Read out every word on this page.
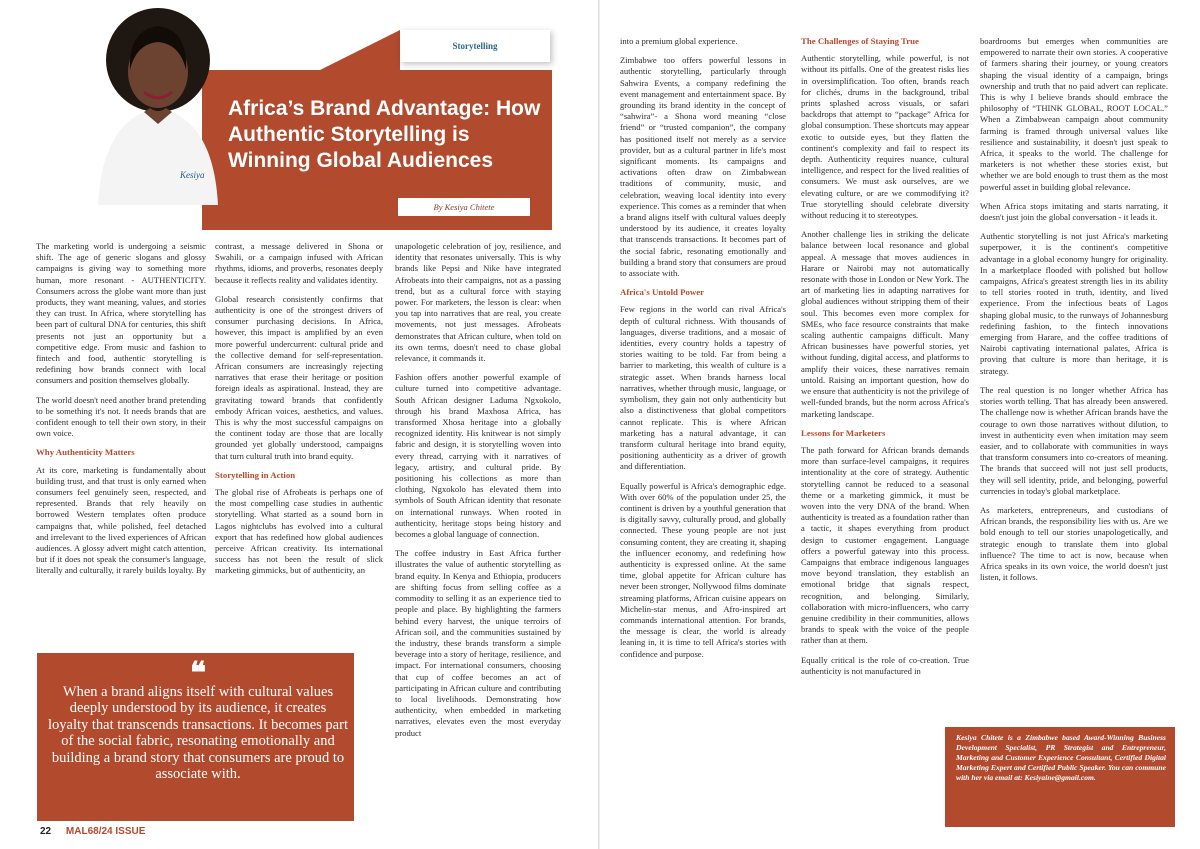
Storytelling
Kesiya
Africa’s Brand Advantage: How Authentic Storytelling is Winning Global Audiences
By Kesiya Chitete

The marketing world is undergoing a seismic shift. The age of generic slogans and glossy campaigns is giving way to something more human, more resonant - AUTHENTICITY. Consumers across the globe want more than just products, they want meaning, values, and stories they can trust. In Africa, where storytelling has been part of cultural DNA for centuries, this shift presents not just an opportunity but a competitive edge. From music and fashion to fintech and food, authentic storytelling is redefining how brands connect with local consumers and position themselves globally.

The world doesn't need another brand pretending to be something it's not. It needs brands that are confident enough to tell their own story, in their own voice.

Why Authenticity Matters

At its core, marketing is fundamentally about building trust, and that trust is only earned when consumers feel genuinely seen, respected, and represented. Brands that rely heavily on borrowed Western templates often produce campaigns that, while polished, feel detached and irrelevant to the lived experiences of African audiences. A glossy advert might catch attention, but if it does not speak the consumer's language, literally and culturally, it rarely builds loyalty. By

contrast, a message delivered in Shona or Swahili, or a campaign infused with African rhythms, idioms, and proverbs, resonates deeply because it reflects reality and validates identity.

Global research consistently confirms that authenticity is one of the strongest drivers of consumer purchasing decisions. In Africa, however, this impact is amplified by an even more powerful undercurrent: cultural pride and the collective demand for self-representation. African consumers are increasingly rejecting narratives that erase their heritage or position foreign ideals as aspirational. Instead, they are gravitating toward brands that confidently embody African voices, aesthetics, and values. This is why the most successful campaigns on the continent today are those that are locally grounded yet globally understood, campaigns that turn cultural truth into brand equity.

Storytelling in Action

The global rise of Afrobeats is perhaps one of the most compelling case studies in authentic storytelling. What started as a sound born in Lagos nightclubs has evolved into a cultural export that has redefined how global audiences perceive African creativity. Its international success has not been the result of slick marketing gimmicks, but of authenticity, an

unapologetic celebration of joy, resilience, and identity that resonates universally. This is why brands like Pepsi and Nike have integrated Afrobeats into their campaigns, not as a passing trend, but as a cultural force with staying power. For marketers, the lesson is clear: when you tap into narratives that are real, you create movements, not just messages. Afrobeats demonstrates that African culture, when told on its own terms, doesn't need to chase global relevance, it commands it.

Fashion offers another powerful example of culture turned into competitive advantage. South African designer Laduma Ngxokolo, through his brand Maxhosa Africa, has transformed Xhosa heritage into a globally recognized identity. His knitwear is not simply fabric and design, it is storytelling woven into every thread, carrying with it narratives of legacy, artistry, and cultural pride. By positioning his collections as more than clothing, Ngxokolo has elevated them into symbols of South African identity that resonate on international runways. When rooted in authenticity, heritage stops being history and becomes a global language of connection.

The coffee industry in East Africa further illustrates the value of authentic storytelling as brand equity. In Kenya and Ethiopia, producers are shifting focus from selling coffee as a commodity to selling it as an experience tied to people and place. By highlighting the farmers behind every harvest, the unique terroirs of African soil, and the communities sustained by the industry, these brands transform a simple beverage into a story of heritage, resilience, and impact. For international consumers, choosing that cup of coffee becomes an act of participating in African culture and contributing to local livelihoods. Demonstrating how authenticity, when embedded in marketing narratives, elevates even the most everyday product

❝
When a brand aligns itself with cultural values deeply understood by its audience, it creates loyalty that transcends transactions. It becomes part of the social fabric, resonating emotionally and building a brand story that consumers are proud to associate with.

into a premium global experience.

Zimbabwe too offers powerful lessons in authentic storytelling, particularly through Sahwira Events, a company redefining the event management and entertainment space. By grounding its brand identity in the concept of “sahwira”- a Shona word meaning “close friend” or “trusted companion”, the company has positioned itself not merely as a service provider, but as a cultural partner in life's most significant moments. Its campaigns and activations often draw on Zimbabwean traditions of community, music, and celebration, weaving local identity into every experience. This comes as a reminder that when a brand aligns itself with cultural values deeply understood by its audience, it creates loyalty that transcends transactions. It becomes part of the social fabric, resonating emotionally and building a brand story that consumers are proud to associate with.

Africa's Untold Power

Few regions in the world can rival Africa's depth of cultural richness. With thousands of languages, diverse traditions, and a mosaic of identities, every country holds a tapestry of stories waiting to be told. Far from being a barrier to marketing, this wealth of culture is a strategic asset. When brands harness local narratives, whether through music, language, or symbolism, they gain not only authenticity but also a distinctiveness that global competitors cannot replicate. This is where African marketing has a natural advantage, it can transform cultural heritage into brand equity, positioning authenticity as a driver of growth and differentiation.

Equally powerful is Africa's demographic edge. With over 60% of the population under 25, the continent is driven by a youthful generation that is digitally savvy, culturally proud, and globally connected. These young people are not just consuming content, they are creating it, shaping the influencer economy, and redefining how authenticity is expressed online. At the same time, global appetite for African culture has never been stronger, Nollywood films dominate streaming platforms, African cuisine appears on Michelin-star menus, and Afro-inspired art commands international attention. For brands, the message is clear, the world is already leaning in, it is time to tell Africa's stories with confidence and purpose.

The Challenges of Staying True

Authentic storytelling, while powerful, is not without its pitfalls. One of the greatest risks lies in oversimplification. Too often, brands reach for clichés, drums in the background, tribal prints splashed across visuals, or safari backdrops that attempt to “package” Africa for global consumption. These shortcuts may appear exotic to outside eyes, but they flatten the continent's complexity and fail to respect its depth. Authenticity requires nuance, cultural intelligence, and respect for the lived realities of consumers. We must ask ourselves, are we elevating culture, or are we commodifying it? True storytelling should celebrate diversity without reducing it to stereotypes.

Another challenge lies in striking the delicate balance between local resonance and global appeal. A message that moves audiences in Harare or Nairobi may not automatically resonate with those in London or New York. The art of marketing lies in adapting narratives for global audiences without stripping them of their soul. This becomes even more complex for SMEs, who face resource constraints that make scaling authentic campaigns difficult. Many African businesses have powerful stories, yet without funding, digital access, and platforms to amplify their voices, these narratives remain untold. Raising an important question, how do we ensure that authenticity is not the privilege of well-funded brands, but the norm across Africa's marketing landscape.

Lessons for Marketers

The path forward for African brands demands more than surface-level campaigns, it requires intentionality at the core of strategy. Authentic storytelling cannot be reduced to a seasonal theme or a marketing gimmick, it must be woven into the very DNA of the brand. When authenticity is treated as a foundation rather than a tactic, it shapes everything from product design to customer engagement. Language offers a powerful gateway into this process. Campaigns that embrace indigenous languages move beyond translation, they establish an emotional bridge that signals respect, recognition, and belonging. Similarly, collaboration with micro-influencers, who carry genuine credibility in their communities, allows brands to speak with the voice of the people rather than at them.

Equally critical is the role of co-creation. True authenticity is not manufactured in

boardrooms but emerges when communities are empowered to narrate their own stories. A cooperative of farmers sharing their journey, or young creators shaping the visual identity of a campaign, brings ownership and truth that no paid advert can replicate. This is why I believe brands should embrace the philosophy of “THINK GLOBAL, ROOT LOCAL.” When a Zimbabwean campaign about community farming is framed through universal values like resilience and sustainability, it doesn't just speak to Africa, it speaks to the world. The challenge for marketers is not whether these stories exist, but whether we are bold enough to trust them as the most powerful asset in building global relevance.

When Africa stops imitating and starts narrating, it doesn't just join the global conversation - it leads it.

Authentic storytelling is not just Africa's marketing superpower, it is the continent's competitive advantage in a global economy hungry for originality. In a marketplace flooded with polished but hollow campaigns, Africa's greatest strength lies in its ability to tell stories rooted in truth, identity, and lived experience. From the infectious beats of Lagos shaping global music, to the runways of Johannesburg redefining fashion, to the fintech innovations emerging from Harare, and the coffee traditions of Nairobi captivating international palates, Africa is proving that culture is more than heritage, it is strategy.

The real question is no longer whether Africa has stories worth telling. That has already been answered. The challenge now is whether African brands have the courage to own those narratives without dilution, to invest in authenticity even when imitation may seem easier, and to collaborate with communities in ways that transform consumers into co-creators of meaning. The brands that succeed will not just sell products, they will sell identity, pride, and belonging, powerful currencies in today's global marketplace.

As marketers, entrepreneurs, and custodians of African brands, the responsibility lies with us. Are we bold enough to tell our stories unapologetically, and strategic enough to translate them into global influence? The time to act is now, because when Africa speaks in its own voice, the world doesn't just listen, it follows.

Kesiya Chitete is a Zimbabwe based Award-Winning Business Development Specialist, PR Strategist and Entrepreneur, Marketing and Customer Experience Consultant, Certified Digital Marketing Expert and Certified Public Speaker. You can commune with her via email at: Kesiyaine@gmail.com.
22 MAL68/24 ISSUE
